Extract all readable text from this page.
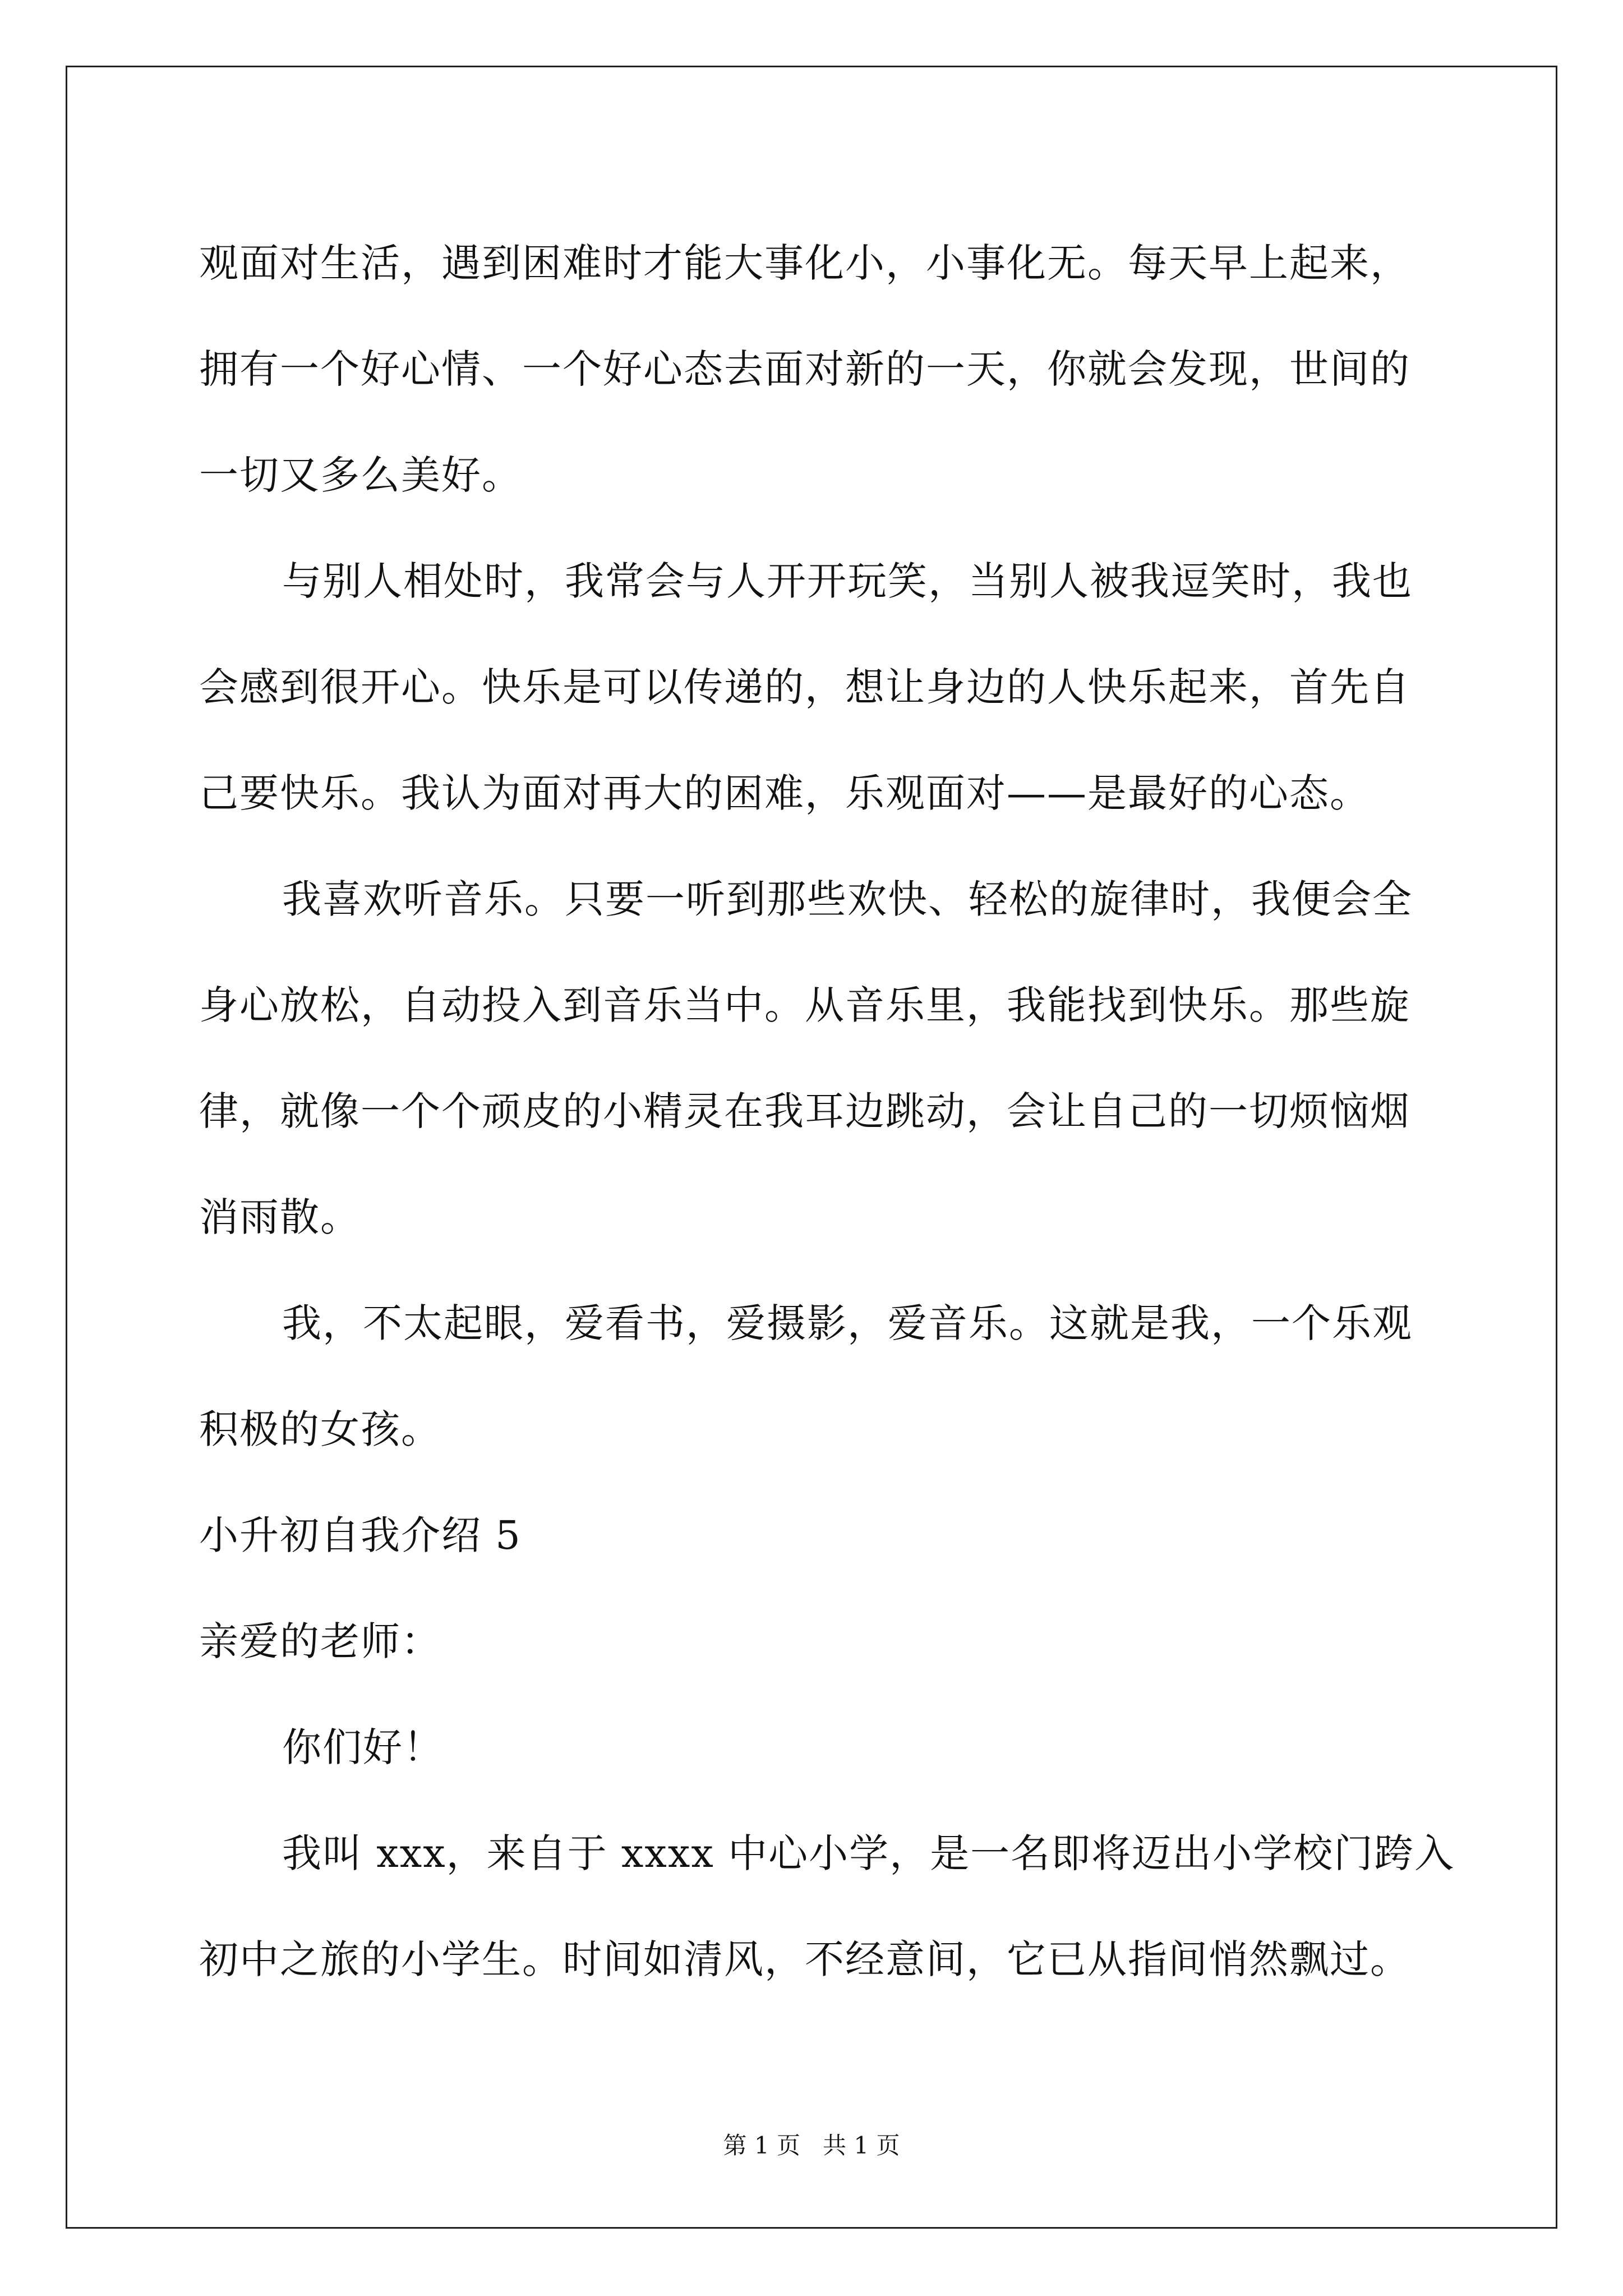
观面对生活，遇到困难时才能大事化小，小事化无。每天早上起来，
拥有一个好心情、一个好心态去面对新的一天，你就会发现，世间的
一切又多么美好。
与别人相处时，我常会与人开开玩笑，当别人被我逗笑时，我也
会感到很开心。快乐是可以传递的，想让身边的人快乐起来，首先自
己要快乐。我认为面对再大的困难，乐观面对——是最好的心态。
我喜欢听音乐。只要一听到那些欢快、轻松的旋律时，我便会全
身心放松，自动投入到音乐当中。从音乐里，我能找到快乐。那些旋
律，就像一个个顽皮的小精灵在我耳边跳动，会让自己的一切烦恼烟
消雨散。
我，不太起眼，爱看书，爱摄影，爱音乐。这就是我，一个乐观
积极的女孩。
小升初自我介绍 5
亲爱的老师：
你们好！
我叫 xxx，来自于 xxxx 中心小学，是一名即将迈出小学校门跨入
初中之旅的小学生。时间如清风，不经意间，它已从指间悄然飘过。
第 1 页   共 1 页
